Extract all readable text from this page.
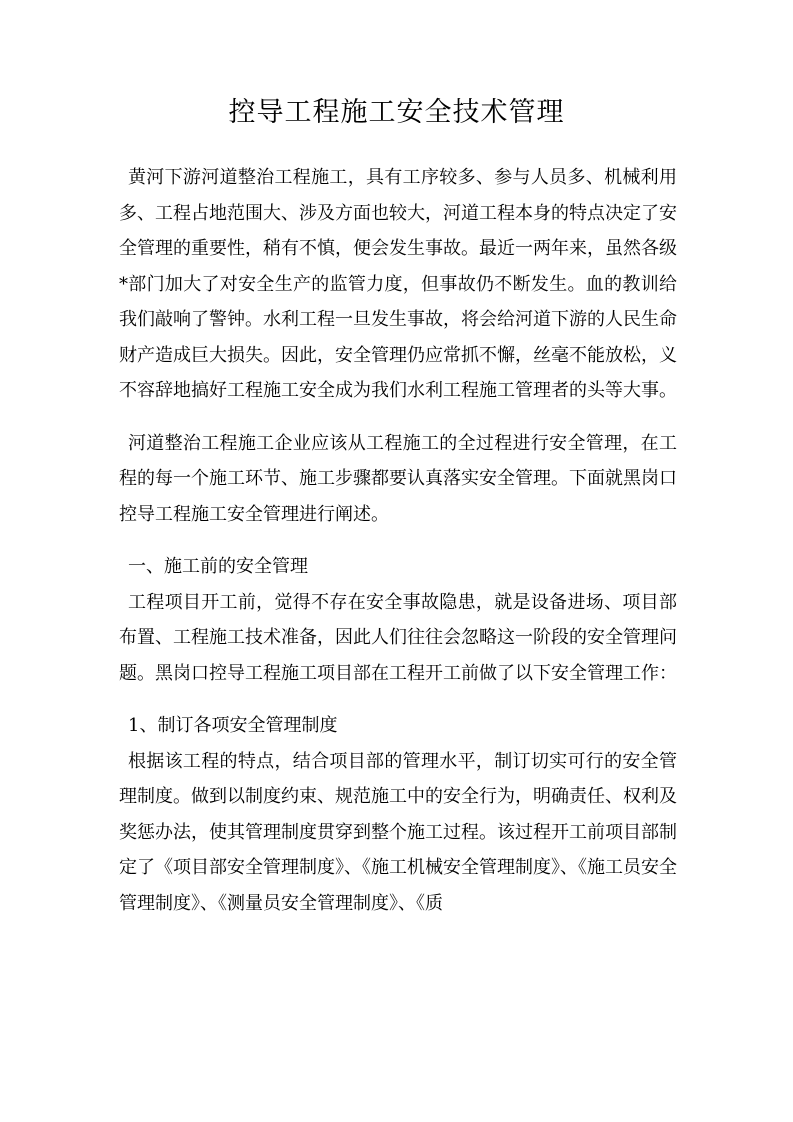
控导工程施工安全技术管理

黄河下游河道整治工程施工，具有工序较多、参与人员多、机械利用多、工程占地范围大、涉及方面也较大，河道工程本身的特点决定了安全管理的重要性，稍有不慎，便会发生事故。最近一两年来，虽然各级*部门加大了对安全生产的监管力度，但事故仍不断发生。血的教训给我们敲响了警钟。水利工程一旦发生事故，将会给河道下游的人民生命财产造成巨大损失。因此，安全管理仍应常抓不懈，丝毫不能放松，义不容辞地搞好工程施工安全成为我们水利工程施工管理者的头等大事。

河道整治工程施工企业应该从工程施工的全过程进行安全管理，在工程的每一个施工环节、施工步骤都要认真落实安全管理。下面就黑岗口控导工程施工安全管理进行阐述。

一、施工前的安全管理

工程项目开工前，觉得不存在安全事故隐患，就是设备进场、项目部布置、工程施工技术准备，因此人们往往会忽略这一阶段的安全管理问题。黑岗口控导工程施工项目部在工程开工前做了以下安全管理工作：

1、制订各项安全管理制度

根据该工程的特点，结合项目部的管理水平，制订切实可行的安全管理制度。做到以制度约束、规范施工中的安全行为，明确责任、权利及奖惩办法，使其管理制度贯穿到整个施工过程。该过程开工前项目部制定了《项目部安全管理制度》、《施工机械安全管理制度》、《施工员安全管理制度》、《测量员安全管理制度》、《质
